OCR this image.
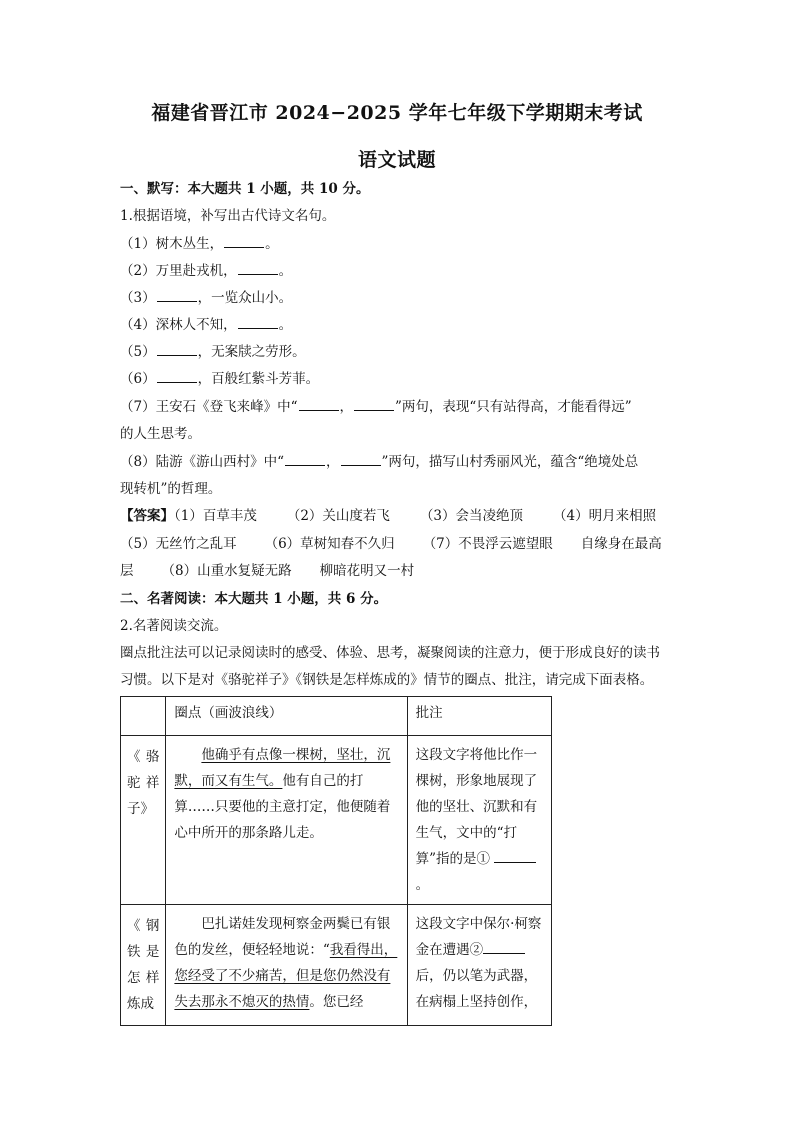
福建省晋江市 2024−2025 学年七年级下学期期末考试
语文试题
一、默写：本大题共 1 小题，共 10 分。
1.根据语境，补写出古代诗文名句。
（1）树木丛生，	。
（2）万里赴戎机，	。
（3）	，一览众山小。
（4）深林人不知，	。
（5）	，无案牍之劳形。
（6）	，百般红紫斗芳菲。
（7）王安石《登飞来峰》中“	，	”两句，表现“只有站得高，才能看得远”
的人生思考。
（8）陆游《游山西村》中“	，	”两句，描写山村秀丽风光，蕴含“绝境处总
现转机”的哲理。
【答案】（1）百草丰茂 （2）关山度若飞 （3）会当凌绝顶 （4）明月来相照
（5）无丝竹之乱耳 （6）草树知春不久归 （7）不畏浮云遮望眼 自缘身在最高
层 （8）山重水复疑无路 柳暗花明又一村
二、名著阅读：本大题共 1 小题，共 6 分。
2.名著阅读交流。
圈点批注法可以记录阅读时的感受、体验、思考，凝聚阅读的注意力，便于形成良好的读书
习惯。以下是对《骆驼祥子》《钢铁是怎样炼成的》情节的圈点、批注，请完成下面表格。
	圈点（画波浪线）	批注
《骆驼祥子》	他确乎有点像一棵树，坚壮，沉默，而又有生气。他有自己的打算……只要他的主意打定，他便随着心中所开的那条路儿走。	这段文字将他比作一棵树，形象地展现了他的坚壮、沉默和有生气，文中的“打算”指的是① 。
《钢铁是怎样炼成	巴扎诺娃发现柯察金两鬓已有银色的发丝，便轻轻地说：“我看得出，您经受了不少痛苦，但是您仍然没有失去那永不熄灭的热情。您已经	这段文字中保尔·柯察金在遭遇②后，仍以笔为武器，在病榻上坚持创作，
